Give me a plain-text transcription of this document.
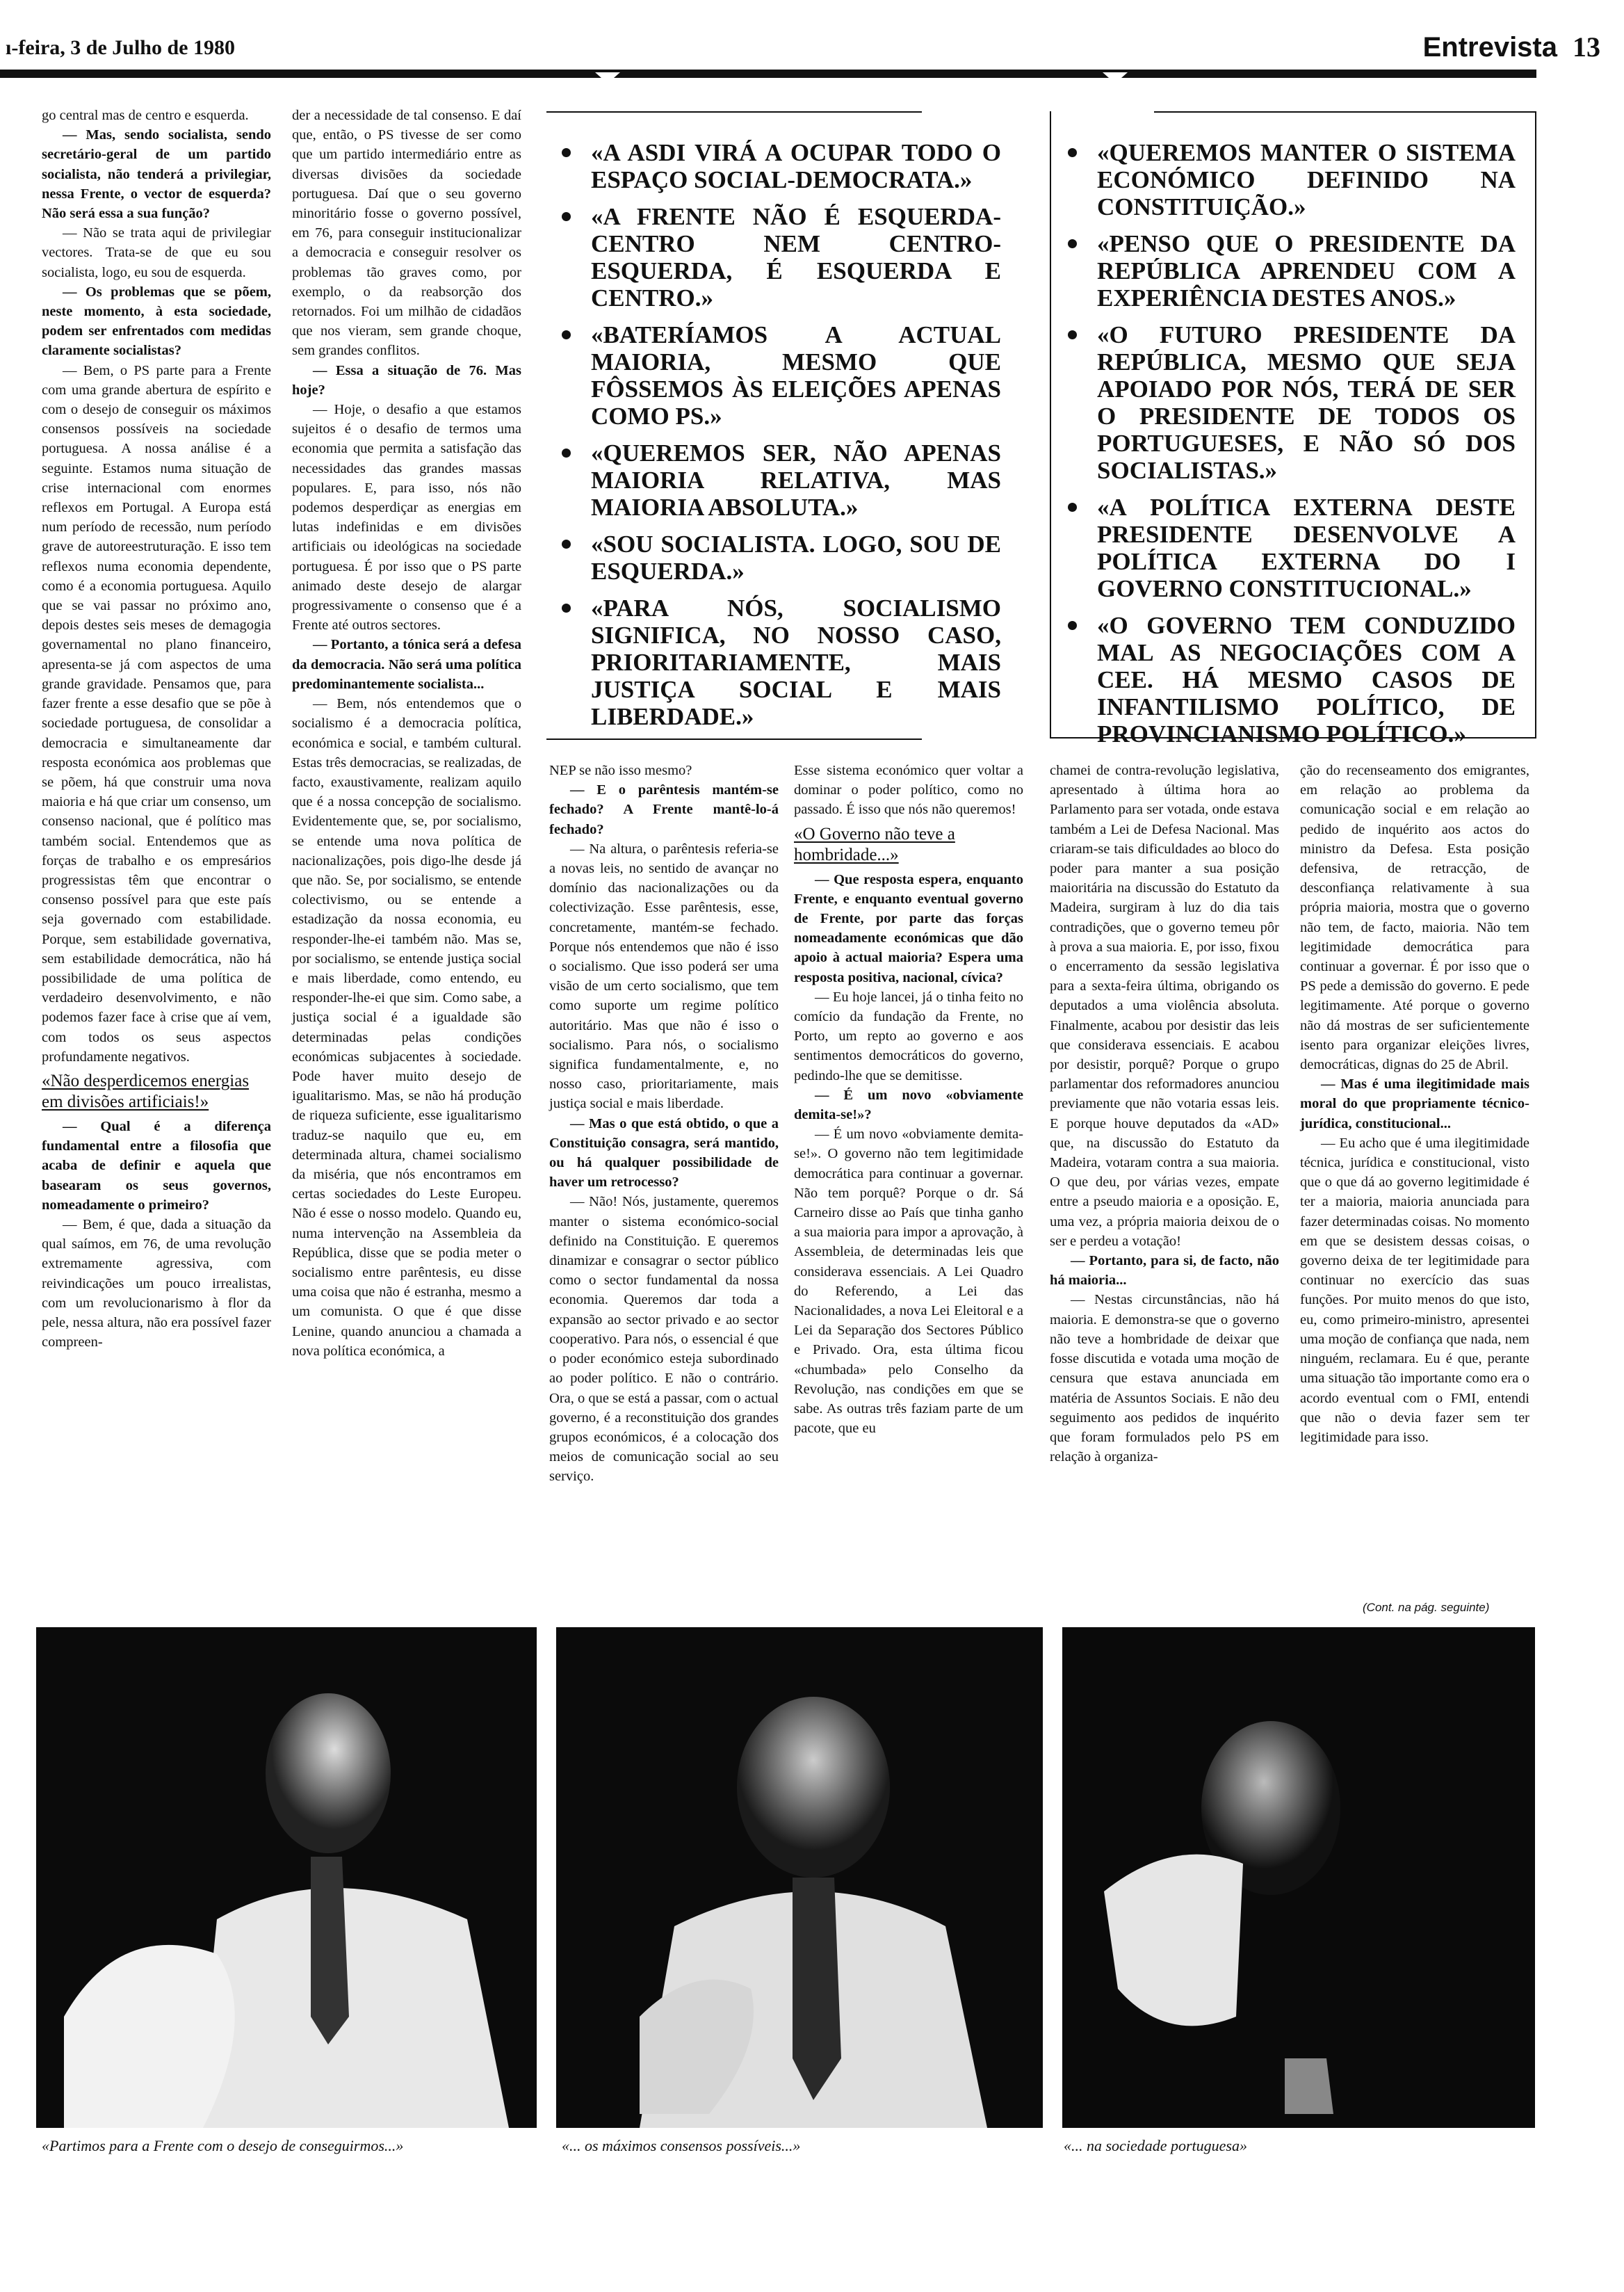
ı-feira, 3 de Julho de 1980	Entrevista 13

go central mas de centro e esquerda.

— Mas, sendo socialista, sendo secretário-geral de um partido socialista, não tenderá a privilegiar, nessa Frente, o vector de esquerda? Não será essa a sua função?

— Não se trata aqui de privilegiar vectores. Trata-se de que eu sou socialista, logo, eu sou de esquerda.

— Os problemas que se põem, neste momento, à esta sociedade, podem ser enfrentados com medidas claramente socialistas?

— Bem, o PS parte para a Frente com uma grande abertura de espírito e com o desejo de conseguir os máximos consensos possíveis na sociedade portuguesa. A nossa análise é a seguinte. Estamos numa situação de crise internacional com enormes reflexos em Portugal. A Europa está num período de recessão, num período grave de autoreestruturação. E isso tem reflexos numa economia dependente, como é a economia portuguesa. Aquilo que se vai passar no próximo ano, depois destes seis meses de demagogia governamental no plano financeiro, apresenta-se já com aspectos de uma grande gravidade. Pensamos que, para fazer frente a esse desafio que se põe à sociedade portuguesa, de consolidar a democracia e simultaneamente dar resposta económica aos problemas que se põem, há que construir uma nova maioria e há que criar um consenso, um consenso nacional, que é político mas também social. Entendemos que as forças de trabalho e os empresários progressistas têm que encontrar o consenso possível para que este país seja governado com estabilidade. Porque, sem estabilidade governativa, sem estabilidade democrática, não há possibilidade de uma política de verdadeiro desenvolvimento, e não podemos fazer face à crise que aí vem, com todos os seus aspectos profundamente negativos.

«Não desperdicemos energias em divisões artificiais!»

— Qual é a diferença fundamental entre a filosofia que acaba de definir e aquela que basearam os seus governos, nomeadamente o primeiro?

— Bem, é que, dada a situação da qual saímos, em 76, de uma revolução extremamente agressiva, com reivindicações um pouco irrealistas, com um revolucionarismo à flor da pele, nessa altura, não era possível fazer compreen-

der a necessidade de tal consenso. E daí que, então, o PS tivesse de ser como que um partido intermediário entre as diversas divisões da sociedade portuguesa. Daí que o seu governo minoritário fosse o governo possível, em 76, para conseguir institucionalizar a democracia e conseguir resolver os problemas tão graves como, por exemplo, o da reabsorção dos retornados. Foi um milhão de cidadãos que nos vieram, sem grande choque, sem grandes conflitos.

— Essa a situação de 76. Mas hoje?

— Hoje, o desafio a que estamos sujeitos é o desafio de termos uma economia que permita a satisfação das necessidades das grandes massas populares. E, para isso, nós não podemos desperdiçar as energias em lutas indefinidas e em divisões artificiais ou ideológicas na sociedade portuguesa. É por isso que o PS parte animado deste desejo de alargar progressivamente o consenso que é a Frente até outros sectores.

— Portanto, a tónica será a defesa da democracia. Não será uma política predominantemente socialista...

— Bem, nós entendemos que o socialismo é a democracia política, económica e social, e também cultural. Estas três democracias, se realizadas, de facto, exaustivamente, realizam aquilo que é a nossa concepção de socialismo. Evidentemente que, se, por socialismo, se entende uma nova política de nacionalizações, pois digo-lhe desde já que não. Se, por socialismo, se entende colectivismo, ou se entende a estadização da nossa economia, eu responder-lhe-ei também não. Mas se, por socialismo, se entende justiça social e mais liberdade, como entendo, eu responder-lhe-ei que sim. Como sabe, a justiça social é a igualdade são determinadas pelas condições económicas subjacentes à sociedade. Pode haver muito desejo de igualitarismo. Mas, se não há produção de riqueza suficiente, esse igualitarismo traduz-se naquilo que eu, em determinada altura, chamei socialismo da miséria, que nós encontramos em certas sociedades do Leste Europeu. Não é esse o nosso modelo. Quando eu, numa intervenção na Assembleia da República, disse que se podia meter o socialismo entre parêntesis, eu disse uma coisa que não é estranha, mesmo a um comunista. O que é que disse Lenine, quando anunciou a chamada a nova política económica, a

«A ASDI VIRÁ A OCUPAR TODO O ESPAÇO SOCIAL-DEMOCRATA.»
«A FRENTE NÃO É ESQUERDA-CENTRO NEM CENTRO-ESQUERDA, É ESQUERDA E CENTRO.»
«BATERÍAMOS A ACTUAL MAIORIA, MESMO QUE FÔSSEMOS ÀS ELEIÇÕES APENAS COMO PS.»
«QUEREMOS SER, NÃO APENAS MAIORIA RELATIVA, MAS MAIORIA ABSOLUTA.»
«SOU SOCIALISTA. LOGO, SOU DE ESQUERDA.»
«PARA NÓS, SOCIALISMO SIGNIFICA, NO NOSSO CASO, PRIORITARIAMENTE, MAIS JUSTIÇA SOCIAL E MAIS LIBERDADE.»
«QUEREMOS MANTER O SISTEMA ECONÓMICO DEFINIDO NA CONSTITUIÇÃO.»
«PENSO QUE O PRESIDENTE DA REPÚBLICA APRENDEU COM A EXPERIÊNCIA DESTES ANOS.»
«O FUTURO PRESIDENTE DA REPÚBLICA, MESMO QUE SEJA APOIADO POR NÓS, TERÁ DE SER O PRESIDENTE DE TODOS OS PORTUGUESES, E NÃO SÓ DOS SOCIALISTAS.»
«A POLÍTICA EXTERNA DESTE PRESIDENTE DESENVOLVE A POLÍTICA EXTERNA DO I GOVERNO CONSTITUCIONAL.»
«O GOVERNO TEM CONDUZIDO MAL AS NEGOCIAÇÕES COM A CEE. HÁ MESMO CASOS DE INFANTILISMO POLÍTICO, DE PROVINCIANISMO POLÍTICO.»

NEP se não isso mesmo?

— E o parêntesis mantém-se fechado? A Frente mantê-lo-á fechado?

— Na altura, o parêntesis referia-se a novas leis, no sentido de avançar no domínio das nacionalizações ou da colectivização. Esse parêntesis, esse, concretamente, mantém-se fechado. Porque nós entendemos que não é isso o socialismo. Que isso poderá ser uma visão de um certo socialismo, que tem como suporte um regime político autoritário. Mas que não é isso o socialismo. Para nós, o socialismo significa fundamentalmente, e, no nosso caso, prioritariamente, mais justiça social e mais liberdade.

— Mas o que está obtido, o que a Constituição consagra, será mantido, ou há qualquer possibilidade de haver um retrocesso?

— Não! Nós, justamente, queremos manter o sistema económico-social definido na Constituição. E queremos dinamizar e consagrar o sector público como o sector fundamental da nossa economia. Queremos dar toda a expansão ao sector privado e ao sector cooperativo. Para nós, o essencial é que o poder económico esteja subordinado ao poder político. E não o contrário. Ora, o que se está a passar, com o actual governo, é a reconstituição dos grandes grupos económicos, é a colocação dos meios de comunicação social ao seu serviço.

Esse sistema económico quer voltar a dominar o poder político, como no passado. É isso que nós não queremos!

«O Governo não teve a hombridade...»

— Que resposta espera, enquanto Frente, e enquanto eventual governo de Frente, por parte das forças nomeadamente económicas que dão apoio à actual maioria? Espera uma resposta positiva, nacional, cívica?

— Eu hoje lancei, já o tinha feito no comício da fundação da Frente, no Porto, um repto ao governo e aos sentimentos democráticos do governo, pedindo-lhe que se demitisse.

— É um novo «obviamente demita-se!»?

— É um novo «obviamente demita-se!». O governo não tem legitimidade democrática para continuar a governar. Não tem porquê? Porque o dr. Sá Carneiro disse ao País que tinha ganho a sua maioria para impor a aprovação, à Assembleia, de determinadas leis que considerava essenciais. A Lei Quadro do Referendo, a Lei das Nacionalidades, a nova Lei Eleitoral e a Lei da Separação dos Sectores Público e Privado. Ora, esta última ficou «chumbada» pelo Conselho da Revolução, nas condições em que se sabe. As outras três faziam parte de um pacote, que eu

chamei de contra-revolução legislativa, apresentado à última hora ao Parlamento para ser votada, onde estava também a Lei de Defesa Nacional. Mas criaram-se tais dificuldades ao bloco do poder para manter a sua posição maioritária na discussão do Estatuto da Madeira, surgiram à luz do dia tais contradições, que o governo temeu pôr à prova a sua maioria. E, por isso, fixou o encerramento da sessão legislativa para a sexta-feira última, obrigando os deputados a uma violência absoluta. Finalmente, acabou por desistir das leis que considerava essenciais. E acabou por desistir, porquê? Porque o grupo parlamentar dos reformadores anunciou previamente que não votaria essas leis. E porque houve deputados da «AD» que, na discussão do Estatuto da Madeira, votaram contra a sua maioria. O que deu, por várias vezes, empate entre a pseudo maioria e a oposição. E, uma vez, a própria maioria deixou de o ser e perdeu a votação!

— Portanto, para si, de facto, não há maioria...

— Nestas circunstâncias, não há maioria. E demonstra-se que o governo não teve a hombridade de deixar que fosse discutida e votada uma moção de censura que estava anunciada em matéria de Assuntos Sociais. E não deu seguimento aos pedidos de inquérito que foram formulados pelo PS em relação à organiza-

ção do recenseamento dos emigrantes, em relação ao problema da comunicação social e em relação ao pedido de inquérito aos actos do ministro da Defesa. Esta posição defensiva, de retracção, de desconfiança relativamente à sua própria maioria, mostra que o governo não tem, de facto, maioria. Não tem legitimidade democrática para continuar a governar. É por isso que o PS pede a demissão do governo. E pede legitimamente. Até porque o governo não dá mostras de ser suficientemente isento para organizar eleições livres, democráticas, dignas do 25 de Abril.

— Mas é uma ilegitimidade mais moral do que propriamente técnico-jurídica, constitucional...

— Eu acho que é uma ilegitimidade técnica, jurídica e constitucional, visto que o que dá ao governo legitimidade é ter a maioria, maioria anunciada para fazer determinadas coisas. No momento em que se desistem dessas coisas, o governo deixa de ter legitimidade para continuar no exercício das suas funções. Por muito menos do que isto, eu, como primeiro-ministro, apresentei uma moção de confiança que nada, nem ninguém, reclamara. Eu é que, perante uma situação tão importante como era o acordo eventual com o FMI, entendi que não o devia fazer sem ter legitimidade para isso.

(Cont. na pág. seguinte)
«Partimos para a Frente com o desejo de conseguirmos...»	«... os máximos consensos possíveis...»	«... na sociedade portuguesa»
